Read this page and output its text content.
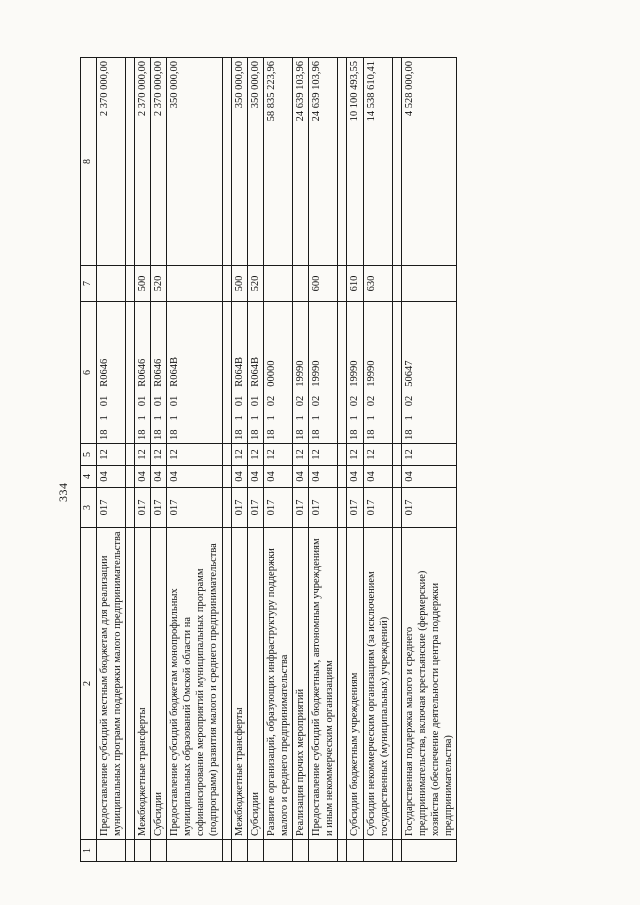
334
1	2	3	4	5	6	7	8
	Предоставление субсидий местным бюджетам для реализации муниципальных программ поддержки малого предпринимательства	017	04	12	18101R0646		2 370 000,00

	Межбюджетные трансферты	017	04	12	18101R0646	500	2 370 000,00
	Субсидии	017	04	12	18101R0646	520	2 370 000,00
	Предоставление субсидий бюджетам монопрофильных муниципальных образований Омской области на софинансирование мероприятий муниципальных программ (подпрограмм) развития малого и среднего предпринимательства	017	04	12	18101R064В		350 000,00

	Межбюджетные трансферты	017	04	12	18101R064В	500	350 000,00
	Субсидии	017	04	12	18101R064В	520	350 000,00
	Развитие организаций, образующих инфраструктуру поддержки малого и среднего предпринимательства	017	04	12	1810200000		58 835 223,96
	Реализация прочих мероприятий	017	04	12	1810219990		24 639 103,96
	Предоставление субсидий бюджетным, автономным учреждениям и иным некоммерческим организациям	017	04	12	1810219990	600	24 639 103,96

	Субсидии бюджетным учреждениям	017	04	12	1810219990	610	10 100 493,55
	Субсидии некоммерческим организациям (за исключением государственных (муниципальных) учреждений)	017	04	12	1810219990	630	14 538 610,41

	Государственная поддержка малого и среднего предпринимательства, включая крестьянские (фермерские) хозяйства (обеспечение деятельности центра поддержки предпринимательства)	017	04	12	1810250647		4 528 000,00
